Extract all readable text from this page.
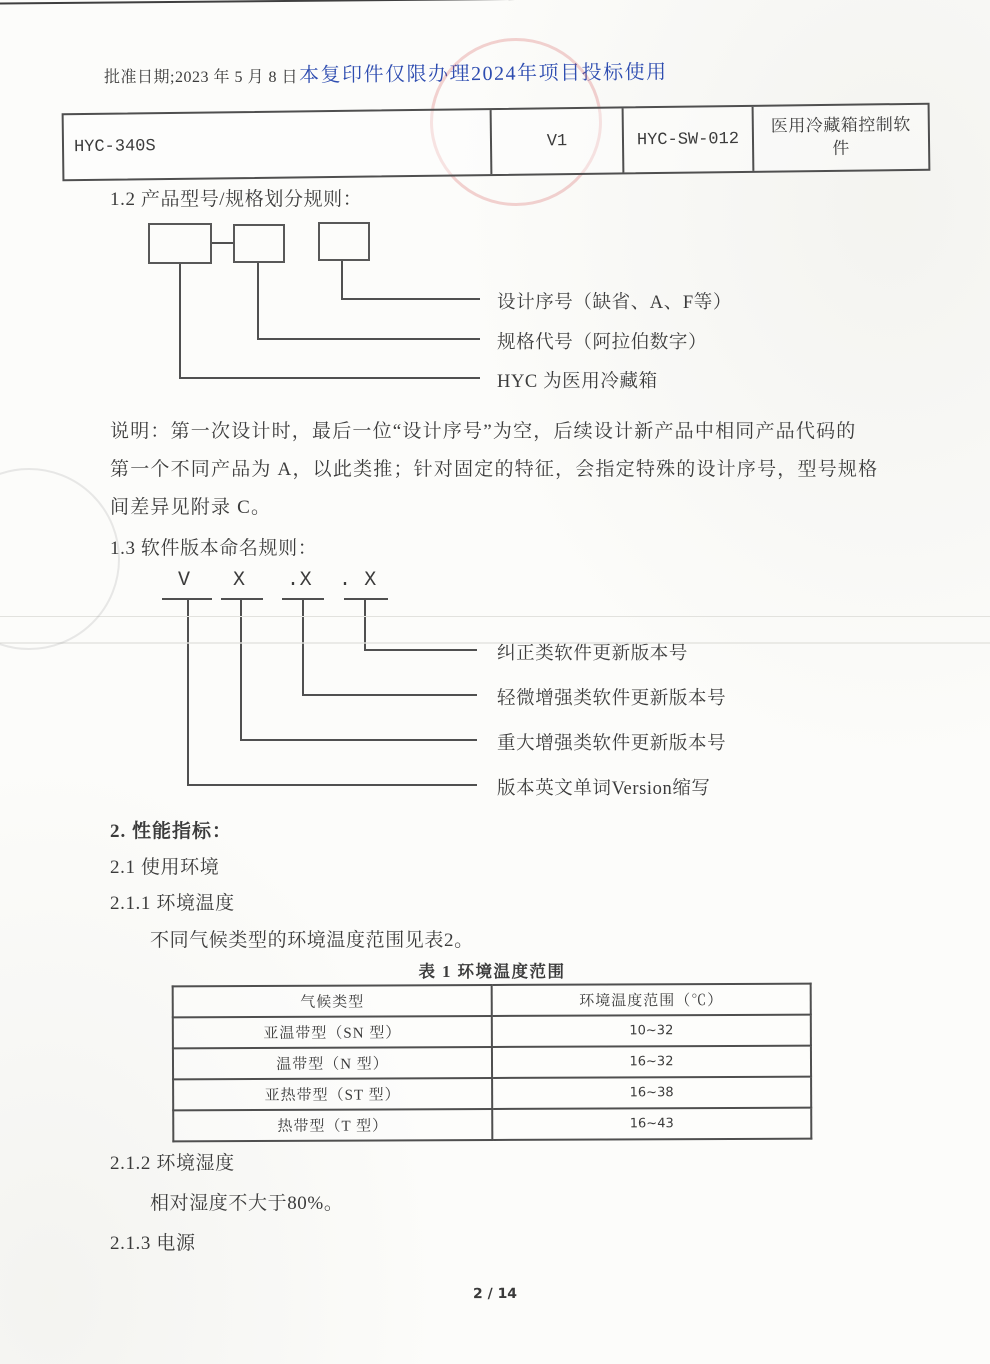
批准日期;2023 年 5 月 8 日 本复印件仅限办理2024年项目投标使用
HYC-340S	V1	HYC-SW-012
医用冷藏箱控制软件
1.2 产品型号/规格划分规则：
设计序号（缺省、A、F等）
规格代号（阿拉伯数字）
HYC 为医用冷藏箱
说明：第一次设计时，最后一位“设计序号”为空，后续设计新产品中相同产品代码的
第一个不同产品为 A，以此类推；针对固定的特征，会指定特殊的设计序号，型号规格
间差异见附录 C。
1.3 软件版本命名规则：
V X .X . X
纠正类软件更新版本号
轻微增强类软件更新版本号
重大增强类软件更新版本号
版本英文单词Version缩写
2. 性能指标：
2.1 使用环境
2.1.1 环境温度
不同气候类型的环境温度范围见表2。
表 1 环境温度范围
气候类型	环境温度范围（℃）
亚温带型（SN 型）	10~32
温带型（N 型）	16~32
亚热带型（ST 型）	16~38
热带型（T 型）	16~43
2.1.2 环境湿度
相对湿度不大于80%。
2.1.3 电源
2 / 14
